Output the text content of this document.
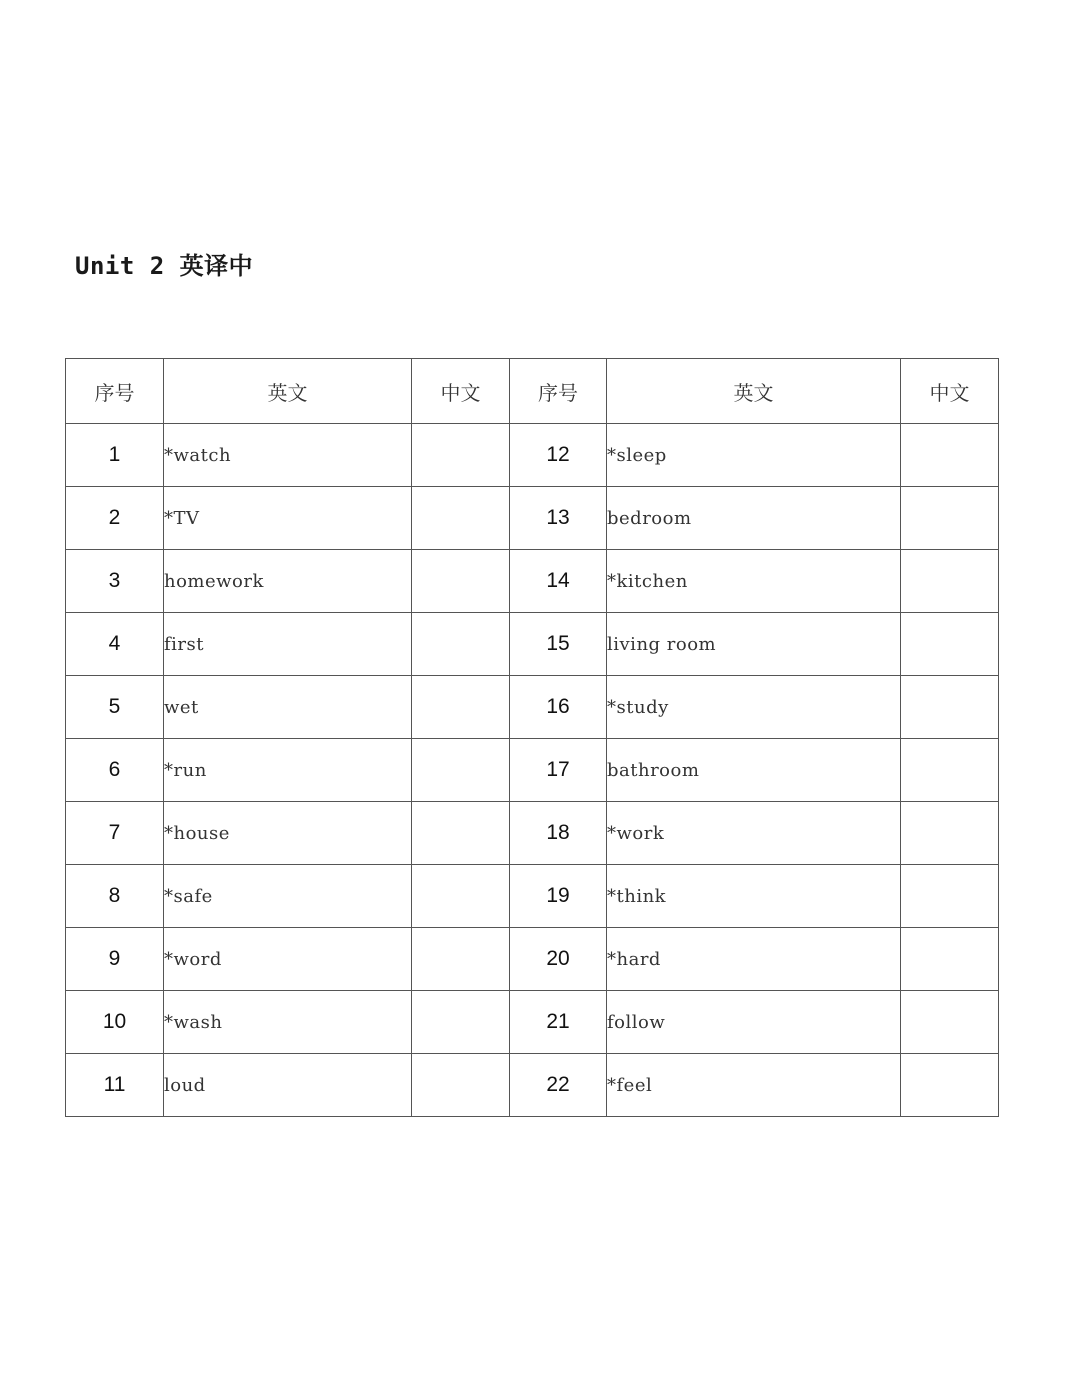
Unit 2 英译中
序号	英文	中文	序号	英文	中文
1	*watch		12	*sleep	
2	*TV		13	bedroom	
3	homework		14	*kitchen	
4	first		15	living room	
5	wet		16	*study	
6	*run		17	bathroom	
7	*house		18	*work	
8	*safe		19	*think	
9	*word		20	*hard	
10	*wash		21	follow	
11	loud		22	*feel	
